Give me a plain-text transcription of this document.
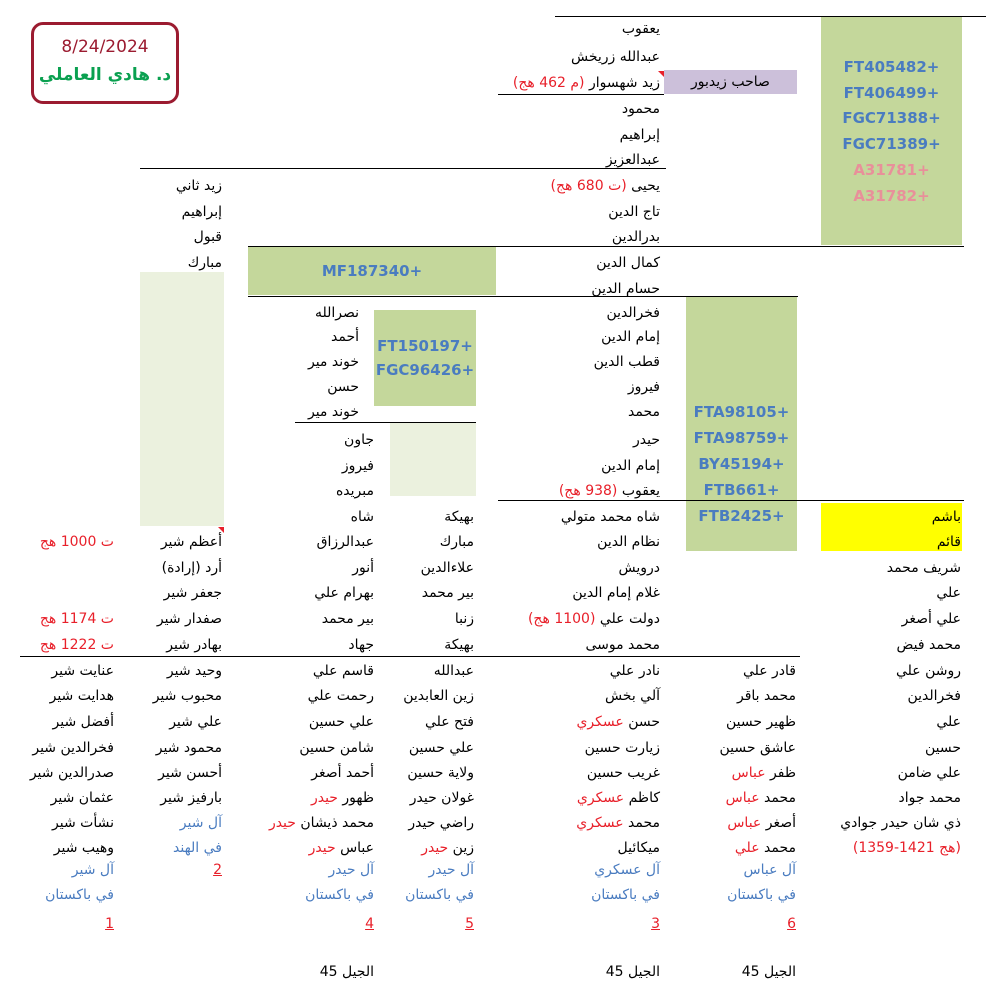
8/24/2024
د. هادي العاملي
يعقوب
عبدالله زريخش
زيد شهسوار (م 462 هج)	صاحب زيدبور
محمود
إبراهيم
عبدالعزيز
يحيى (ت 680 هج)
تاج الدين
بدرالدين
كمال الدين
حسام الدين
FT405482+
FT406499+
FGC71388+
FGC71389+
A31781+
A31782+
MF187340+
زيد ثاني
إبراهيم
قبول
مبارك
نصرالله
أحمد
خوند مير
حسن
خوند مير
FT150197+
FGC96426+
جاون
فيروز
مبريده
فخرالدين
إمام الدين
قطب الدين
فيروز
محمد
حيدر
إمام الدين
يعقوب (938 هج)
FTA98105+
FTA98759+
BY45194+
FTB661+
FTB2425+	باشم
قائم
شريف محمد
علي
علي أصغر
محمد فيض
روشن علي
فخرالدين
علي
حسين
علي ضامن
محمد جواد
ذي شان حيدر جوادي
(1359-1421 هج)
شاه محمد متولي
نظام الدين
درويش
غلام إمام الدين
دولت علي (1100 هج)
محمد موسى
نادر علي
آلي بخش
حسن عسكري
زيارت حسين
غريب حسين
كاظم عسكري
محمد عسكري
ميكائيل
آل عسكري
في باكستان
3
الجيل 45
قادر علي
محمد باقر
ظهير حسين
عاشق حسين
ظفر عباس
محمد عباس
أصغر عباس
محمد علي
آل عباس
في باكستان
6
الجيل 45
بهيكة
مبارك
علاءالدين
بير محمد
زنبا
بهيكة
عبدالله
زين العابدين
فتح علي
علي حسين
ولاية حسين
غولان حيدر
راضي حيدر
زين حيدر
آل حيدر
في باكستان
5
شاه
عبدالرزاق
أنور
بهرام علي
بير محمد
جهاد
قاسم علي
رحمت علي
علي حسين
شامن حسين
أحمد أصغر
ظهور حيدر
محمد ذيشان حيدر
عباس حيدر
آل حيدر
في باكستان
4
الجيل 45
أعظم شير
أرد (إرادة)
جعفر شير
صفدار شير
بهادر شير
وحيد شير
محبوب شير
علي شير
محمود شير
أحسن شير
بارفيز شير
آل شير
في الهند
2
ت 1000 هج
ت 1174 هج
ت 1222 هج
عنايت شير
هدايت شير
أفضل شير
فخرالدين شير
صدرالدين شير
عثمان شير
نشأت شير
وهيب شير
آل شير
في باكستان
1
